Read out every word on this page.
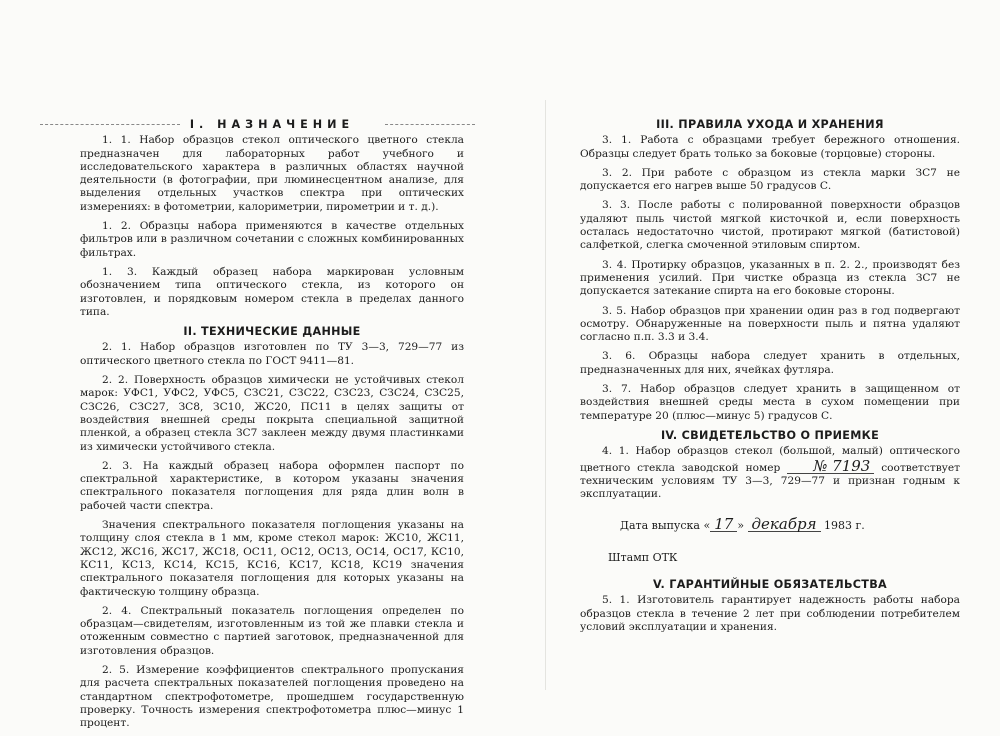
I. НАЗНАЧЕНИЕ

1. 1. Набор образцов стекол оптического цветного стекла предназначен для лабораторных работ учебного и исследовательского характера в различных областях научной деятельности (в фотографии, при люминесцентном анализе, для выделения отдельных участков спектра при оптических измерениях: в фотометрии, калориметрии, пирометрии и т. д.).

1. 2. Образцы набора применяются в качестве отдельных фильтров или в различном сочетании с сложных комбинированных фильтрах.

1. 3. Каждый образец набора маркирован условным обозначением типа оптического стекла, из которого он изготовлен, и порядковым номером стекла в пределах данного типа.

II. ТЕХНИЧЕСКИЕ ДАННЫЕ

2. 1. Набор образцов изготовлен по ТУ 3—3, 729—77 из оптического цветного стекла по ГОСТ 9411—81.

2. 2. Поверхность образцов химически не устойчивых стекол марок: УФС1, УФС2, УФС5, СЗС21, СЗС22, СЗС23, СЗС24, СЗС25, СЗС26, СЗС27, ЗС8, ЗС10, ЖС20, ПС11 в целях защиты от воздействия внешней среды покрыта специальной защитной пленкой, а образец стекла ЗС7 заклеен между двумя пластинками из химически устойчивого стекла.

2. 3. На каждый образец набора оформлен паспорт по спектральной характеристике, в котором указаны значения спектрального показателя поглощения для ряда длин волн в рабочей части спектра.

Значения спектрального показателя поглощения указаны на толщину слоя стекла в 1 мм, кроме стекол марок: ЖС10, ЖС11, ЖС12, ЖС16, ЖС17, ЖС18, ОС11, ОС12, ОС13, ОС14, ОС17, КС10, КС11, КС13, КС14, КС15, КС16, КС17, КС18, КС19 значения спектрального показателя поглощения для которых указаны на фактическую толщину образца.

2. 4. Спектральный показатель поглощения определен по образцам—свидетелям, изготовленным из той же плавки стекла и отоженным совместно с партией заготовок, предназначенной для изготовления образцов.

2. 5. Измерение коэффициентов спектрального пропускания для расчета спектральных показателей поглощения проведено на стандартном спектрофотометре, прошедшем государственную проверку. Точность измерения спектрофотометра плюс—минус 1 процент.

III. ПРАВИЛА УХОДА И ХРАНЕНИЯ

3. 1. Работа с образцами требует бережного отношения. Образцы следует брать только за боковые (торцовые) стороны.

3. 2. При работе с образцом из стекла марки ЗС7 не допускается его нагрев выше 50 градусов С.

3. 3. После работы с полированной поверхности образцов удаляют пыль чистой мягкой кисточкой и, если поверхность осталась недостаточно чистой, протирают мягкой (батистовой) салфеткой, слегка смоченной этиловым спиртом.

3. 4. Протирку образцов, указанных в п. 2. 2., производят без применения усилий. При чистке образца из стекла ЗС7 не допускается затекание спирта на его боковые стороны.

3. 5. Набор образцов при хранении один раз в год подвергают осмотру. Обнаруженные на поверхности пыль и пятна удаляют согласно п.п. 3.3 и 3.4.

3. 6. Образцы набора следует хранить в отдельных, предназначенных для них, ячейках футляра.

3. 7. Набор образцов следует хранить в защищенном от воздействия внешней среды места в сухом помещении при температуре 20 (плюс—минус 5) градусов С.

IV. СВИДЕТЕЛЬСТВО О ПРИЕМКЕ

4. 1. Набор образцов стекол (большой, малый) оптического цветного стекла заводской номер № 7193 соответствует техническим условиям ТУ 3—3, 729—77 и признан годным к эксплуатации.

Дата выпуска « 17 » декабря 1983 г.
Штамп ОТК
V. ГАРАНТИЙНЫЕ ОБЯЗАТЕЛЬСТВА

5. 1. Изготовитель гарантирует надежность работы набора образцов стекла в течение 2 лет при соблюдении потребителем условий эксплуатации и хранения.
